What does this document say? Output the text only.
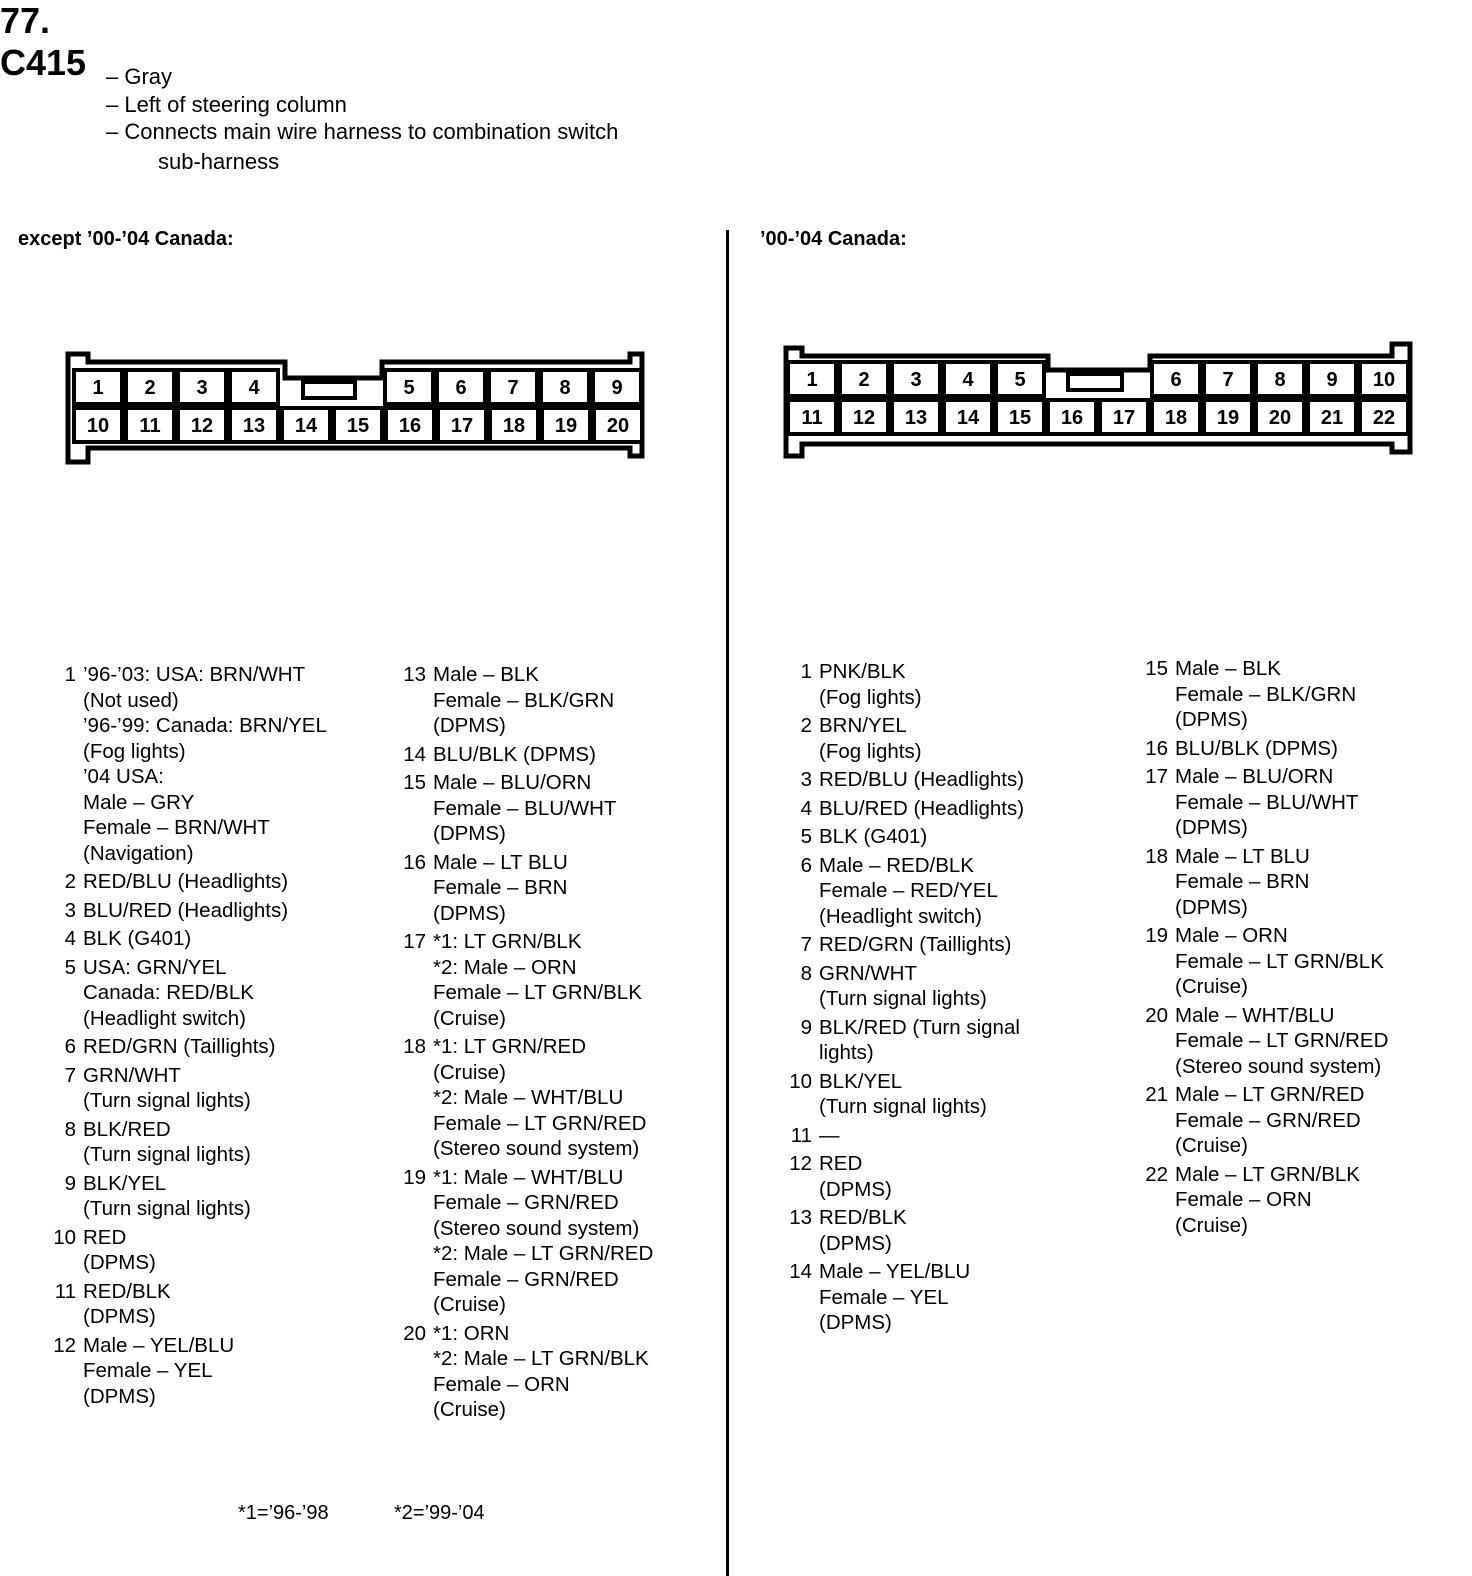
77.
C415 – Gray
– Left of steering column
– Connects main wire harness to combination switch
sub-harness
except ’00-’04 Canada:	’00-’04 Canada:
1 2 3 4	5 6 7 8 9
10 11 12 13 14 15 16 17 18 19 20
1 2 3 4 5	6 7 8 9 10
11 12 13 14 15 16 17 18 19 20 21 22
1 ’96-’03: USA: BRN/WHT
(Not used)
’96-’99: Canada: BRN/YEL
(Fog lights)
’04 USA:
Male – GRY
Female – BRN/WHT
(Navigation)
2 RED/BLU (Headlights)
3 BLU/RED (Headlights)
4 BLK (G401)
5 USA: GRN/YEL
Canada: RED/BLK
(Headlight switch)
6 RED/GRN (Taillights)
7 GRN/WHT
(Turn signal lights)
8 BLK/RED
(Turn signal lights)
9 BLK/YEL
(Turn signal lights)
10 RED
(DPMS)
11 RED/BLK
(DPMS)
12 Male – YEL/BLU
Female – YEL
(DPMS)
13 Male – BLK
Female – BLK/GRN
(DPMS)
14 BLU/BLK (DPMS)
15 Male – BLU/ORN
Female – BLU/WHT
(DPMS)
16 Male – LT BLU
Female – BRN
(DPMS)
17 *1: LT GRN/BLK
*2: Male – ORN
Female – LT GRN/BLK
(Cruise)
18 *1: LT GRN/RED
(Cruise)
*2: Male – WHT/BLU
Female – LT GRN/RED
(Stereo sound system)
19 *1: Male – WHT/BLU
Female – GRN/RED
(Stereo sound system)
*2: Male – LT GRN/RED
Female – GRN/RED
(Cruise)
20 *1: ORN
*2: Male – LT GRN/BLK
Female – ORN
(Cruise)
1 PNK/BLK
(Fog lights)
2 BRN/YEL
(Fog lights)
3 RED/BLU (Headlights)
4 BLU/RED (Headlights)
5 BLK (G401)
6 Male – RED/BLK
Female – RED/YEL
(Headlight switch)
7 RED/GRN (Taillights)
8 GRN/WHT
(Turn signal lights)
9 BLK/RED (Turn signal
lights)
10 BLK/YEL
(Turn signal lights)
11 —
12 RED
(DPMS)
13 RED/BLK
(DPMS)
14 Male – YEL/BLU
Female – YEL
(DPMS)
15 Male – BLK
Female – BLK/GRN
(DPMS)
16 BLU/BLK (DPMS)
17 Male – BLU/ORN
Female – BLU/WHT
(DPMS)
18 Male – LT BLU
Female – BRN
(DPMS)
19 Male – ORN
Female – LT GRN/BLK
(Cruise)
20 Male – WHT/BLU
Female – LT GRN/RED
(Stereo sound system)
21 Male – LT GRN/RED
Female – GRN/RED
(Cruise)
22 Male – LT GRN/BLK
Female – ORN
(Cruise)
*1=’96-’98	*2=’99-’04
